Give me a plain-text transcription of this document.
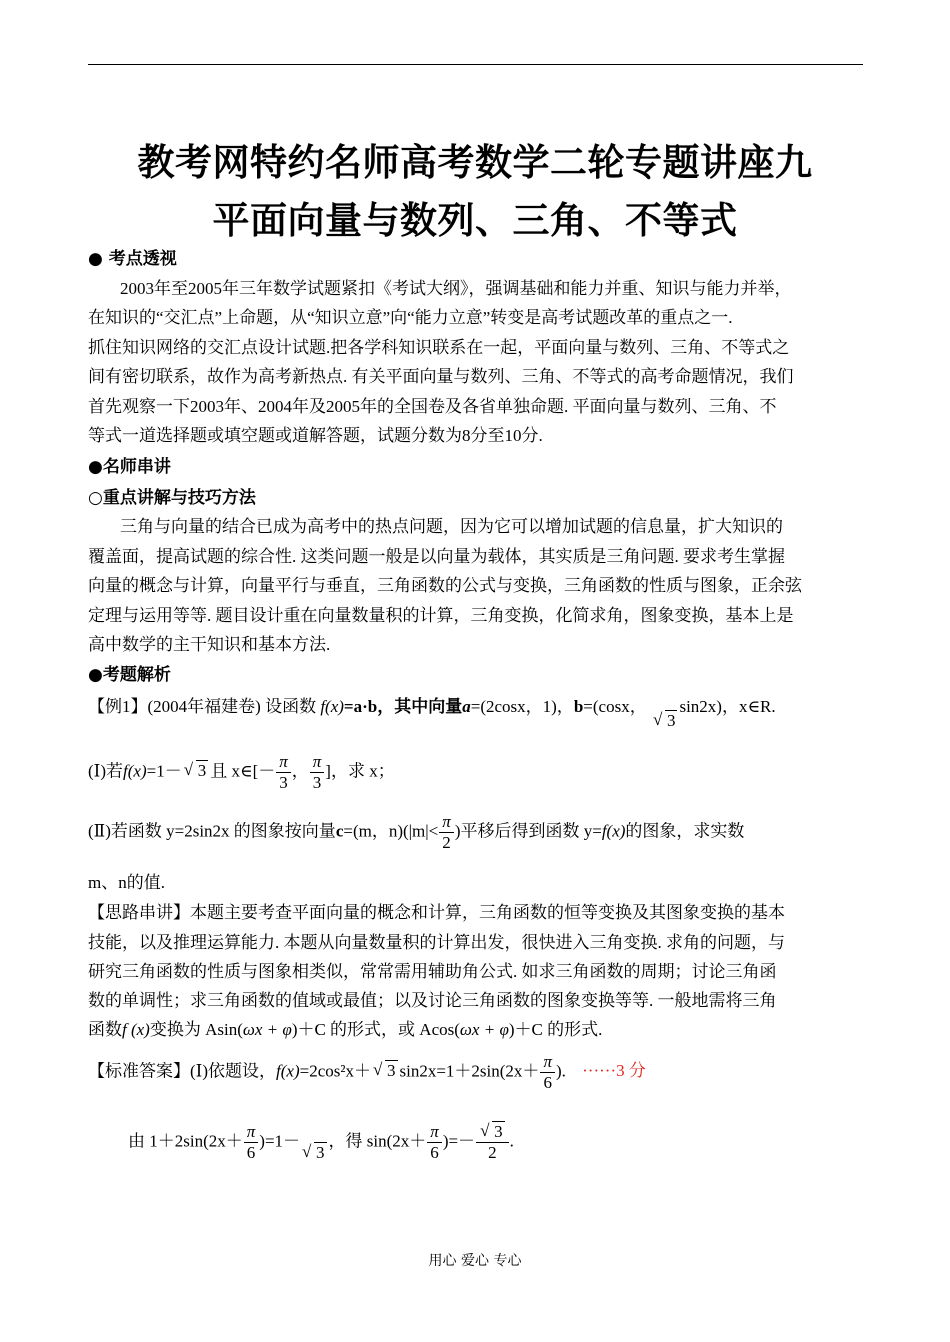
教考网特约名师高考数学二轮专题讲座九
平面向量与数列、三角、不等式
● 考点透视
2003年至2005年三年数学试题紧扣《考试大纲》，强调基础和能力并重、知识与能力并举，
在知识的“交汇点”上命题，从“知识立意”向“能力立意”转变是高考试题改革的重点之一.
抓住知识网络的交汇点设计试题.把各学科知识联系在一起，平面向量与数列、三角、不等式之
间有密切联系，故作为高考新热点. 有关平面向量与数列、三角、不等式的高考命题情况，我们
首先观察一下2003年、2004年及2005年的全国卷及各省单独命题. 平面向量与数列、三角、不
等式一道选择题或填空题或道解答题，试题分数为8分至10分.
●名师串讲
○重点讲解与技巧方法
三角与向量的结合已成为高考中的热点问题，因为它可以增加试题的信息量，扩大知识的
覆盖面，提高试题的综合性. 这类问题一般是以向量为载体，其实质是三角问题. 要求考生掌握
向量的概念与计算，向量平行与垂直，三角函数的公式与变换，三角函数的性质与图象，正余弦
定理与运用等等. 题目设计重在向量数量积的计算，三角变换，化简求角，图象变换，基本上是
高中数学的主干知识和基本方法.
●考题解析
【例1】(2004年福建卷) 设函数 f(x)=a·b，其中向量a=(2cosx，1)，b=(cosx， √ 3sin2x)，x∈R.
(Ⅰ)若f(x)=1－ √ 3 且 x∈[－ $\frac{\pi}{3}$ ， $\frac{\pi}{3}$ ]，求 x；
(Ⅱ)若函数 y=2sin2x 的图象按向量c=(m，$n)(|m|< \frac{\pi}{2}$ )平移后得到函数 y=f(x)的图象，求实数
m、n的值.
【思路串讲】本题主要考查平面向量的概念和计算，三角函数的恒等变换及其图象变换的基本
技能，以及推理运算能力. 本题从向量数量积的计算出发，很快进入三角变换. 求角的问题，与
研究三角函数的性质与图象相类似，常常需用辅助角公式. 如求三角函数的周期；讨论三角函
数的单调性；求三角函数的值域或最值；以及讨论三角函数的图象变换等等. 一般地需将三角
函数f (x)变换为 Asin(ωx + φ)＋C 的形式，或 Acos(ωx + φ)＋C 的形式.
【标准答案】(Ⅰ)依题设，f(x)=2cos²x＋ √ 3 $\sin 2x=1+2\sin(2x+ \frac{\pi}{6}$ ). ······3 分
由 $1+2\sin(2x+ \frac{\pi}{6} )=1-√$ 3，得 $\sin(2x+ \frac{\pi}{6}$ )=－ √ $\frac{3}{2}$.
用心 爱心 专心
